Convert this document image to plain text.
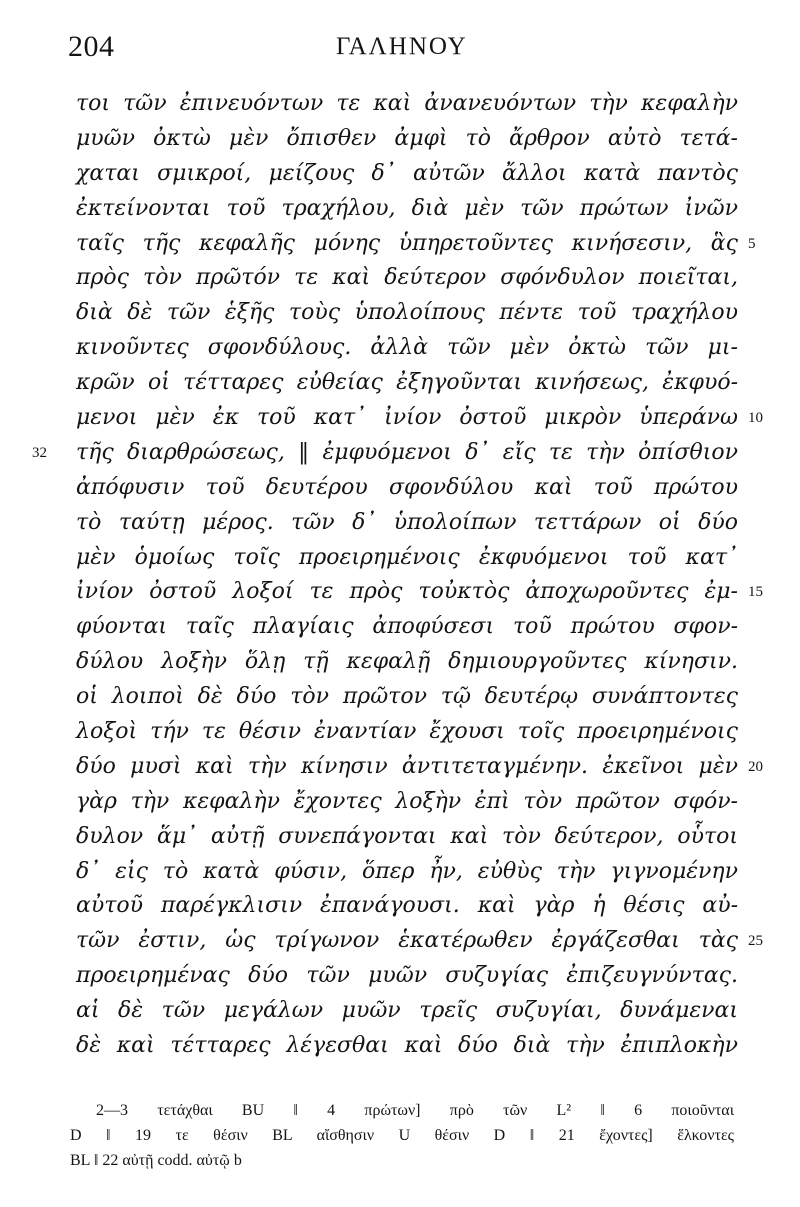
204	ΓΑΛΗΝΟΥ
τοι τῶν ἐπινευόντων τε καὶ ἀνανευόντων τὴν κεφαλὴν
μυῶν ὀκτὼ μὲν ὄπισθεν ἀμφὶ τὸ ἄρθρον αὐτὸ τετά-
χαται σμικροί, μείζους δ᾽ αὐτῶν ἄλλοι κατὰ παντὸς
ἐκτείνονται τοῦ τραχήλου, διὰ μὲν τῶν πρώτων ἰνῶν
ταῖς τῆς κεφαλῆς μόνης ὑπηρετοῦντες κινήσεσιν, ἃς 5
πρὸς τὸν πρῶτόν τε καὶ δεύτερον σφόνδυλον ποιεῖται,
διὰ δὲ τῶν ἑξῆς τοὺς ὑπολοίπους πέντε τοῦ τραχήλου
κινοῦντες σφονδύλους. ἀλλὰ τῶν μὲν ὀκτὼ τῶν μι-
κρῶν οἱ τέτταρες εὐθείας ἐξηγοῦνται κινήσεως, ἐκφυό-
μενοι μὲν ἐκ τοῦ κατ᾽ ἰνίον ὀστοῦ μικρὸν ὑπεράνω 10
τῆς διαρθρώσεως, ‖ ἐμφυόμενοι δ᾽ εἴς τε τὴν ὀπίσθιον
32
ἀπόφυσιν τοῦ δευτέρου σφονδύλου καὶ τοῦ πρώτου
τὸ ταύτῃ μέρος. τῶν δ᾽ ὑπολοίπων τεττάρων οἱ δύο
μὲν ὁμοίως τοῖς προειρημένοις ἐκφυόμενοι τοῦ κατ᾽
ἰνίον ὀστοῦ λοξοί τε πρὸς τοὐκτὸς ἀποχωροῦντες ἐμ- 15
φύονται ταῖς πλαγίαις ἀποφύσεσι τοῦ πρώτου σφον-
δύλου λοξὴν ὅλῃ τῇ κεφαλῇ δημιουργοῦντες κίνησιν.
οἱ λοιποὶ δὲ δύο τὸν πρῶτον τῷ δευτέρῳ συνάπτοντες
λοξοὶ τήν τε θέσιν ἐναντίαν ἔχουσι τοῖς προειρημένοις
δύο μυσὶ καὶ τὴν κίνησιν ἀντιτεταγμένην. ἐκεῖνοι μὲν 20
γὰρ τὴν κεφαλὴν ἔχοντες λοξὴν ἐπὶ τὸν πρῶτον σφόν-
δυλον ἅμ᾽ αὐτῇ συνεπάγονται καὶ τὸν δεύτερον, οὗτοι
δ᾽ εἰς τὸ κατὰ φύσιν, ὅπερ ἦν, εὐθὺς τὴν γιγνομένην
αὐτοῦ παρέγκλισιν ἐπανάγουσι. καὶ γὰρ ἡ θέσις αὐ-
τῶν ἐστιν, ὡς τρίγωνον ἑκατέρωθεν ἐργάζεσθαι τὰς 25
προειρημένας δύο τῶν μυῶν συζυγίας ἐπιζευγνύντας.
αἱ δὲ τῶν μεγάλων μυῶν τρεῖς συζυγίαι, δυνάμεναι
δὲ καὶ τέτταρες λέγεσθαι καὶ δύο διὰ τὴν ἐπιπλοκὴν
2—3 τετάχθαι BU ‖ 4 πρώτων] πρὸ τῶν L² ‖ 6 ποιοῦνται
D ‖ 19 τε θέσιν BL αἴσθησιν U θέσιν D ‖ 21 ἔχοντες] ἕλκοντες
BL ‖ 22 αὐτῇ codd. αὐτῷ b
